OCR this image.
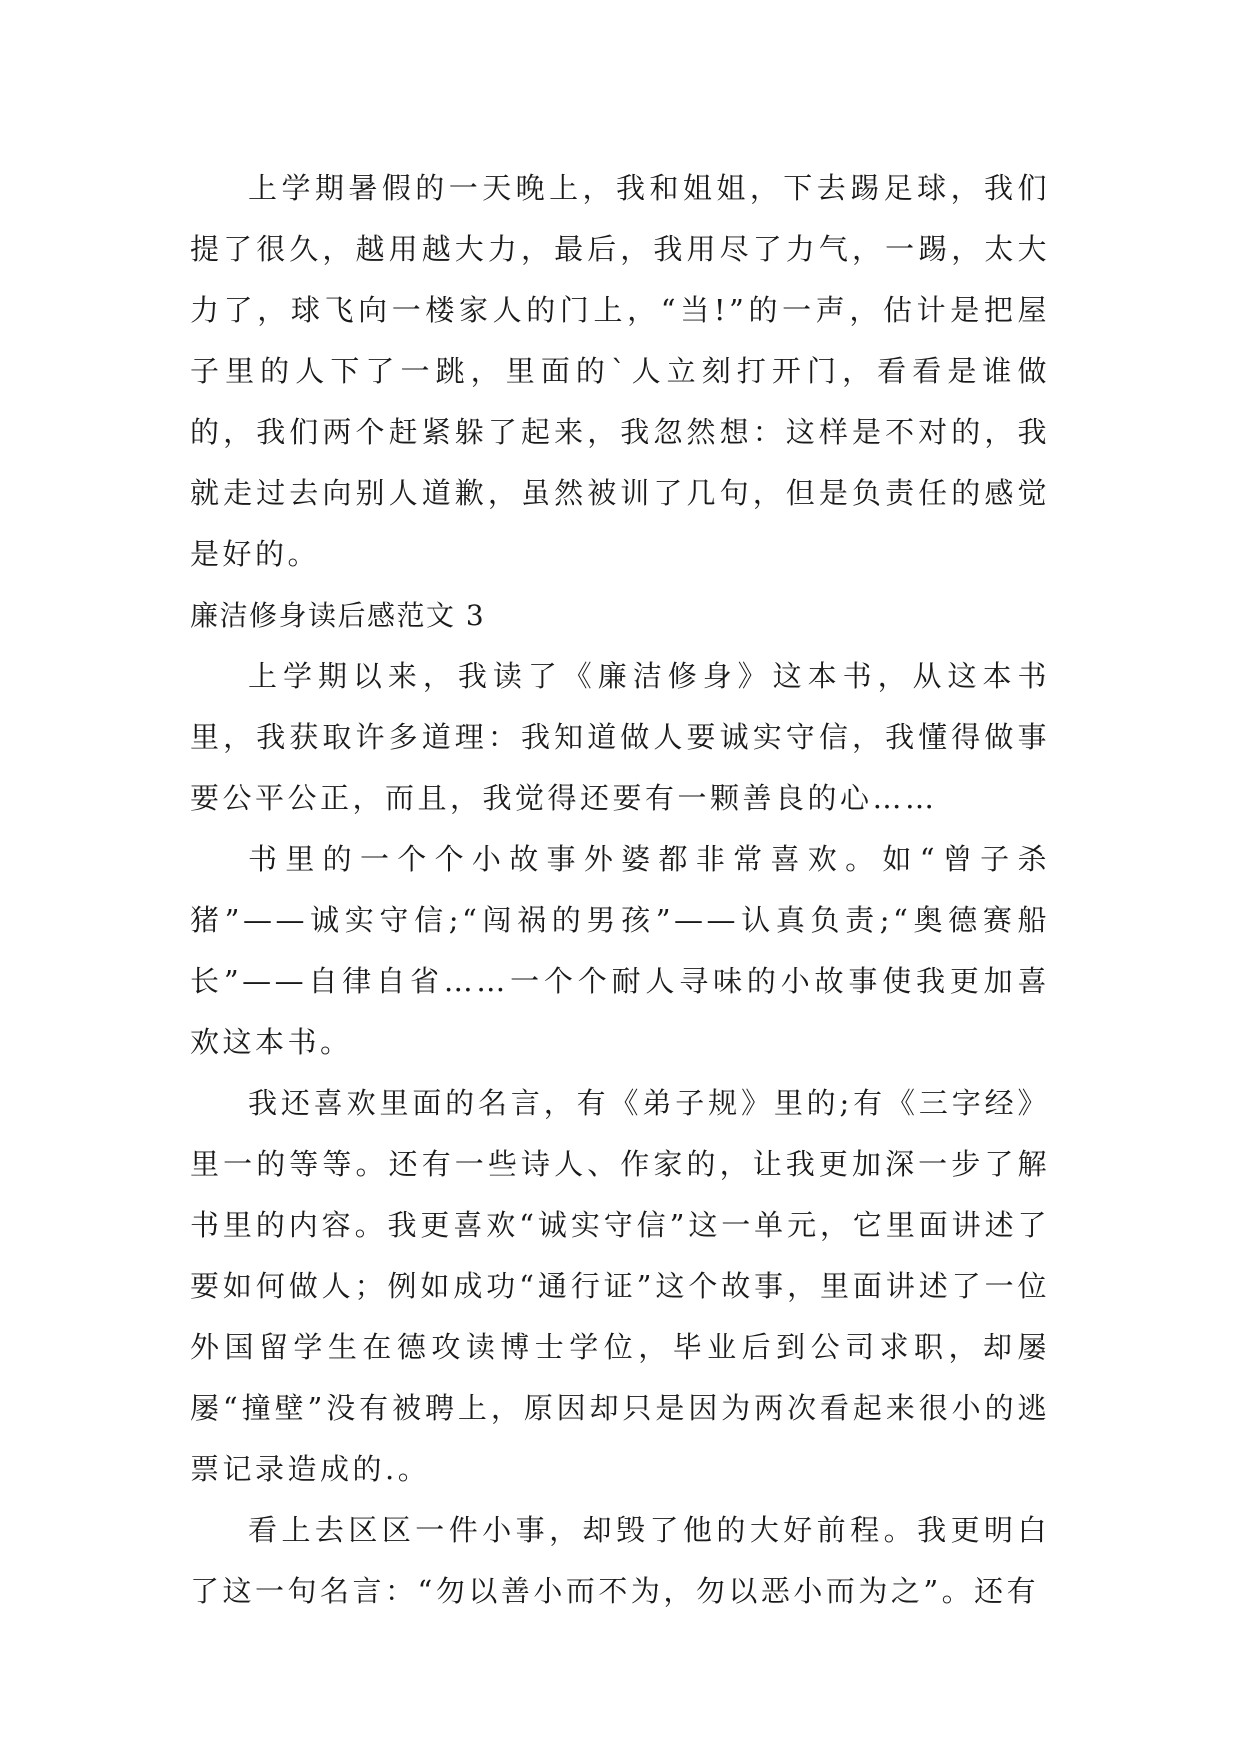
上学期暑假的一天晚上，我和姐姐，下去踢足球，我们提了很久，越用越大力，最后，我用尽了力气，一踢，太大力了，球飞向一楼家人的门上，“当!”的一声，估计是把屋子里的人下了一跳，里面的`人立刻打开门，看看是谁做的，我们两个赶紧躲了起来，我忽然想：这样是不对的，我就走过去向别人道歉，虽然被训了几句，但是负责任的感觉是好的。

廉洁修身读后感范文 3

上学期以来，我读了《廉洁修身》这本书，从这本书里，我获取许多道理：我知道做人要诚实守信，我懂得做事要公平公正，而且，我觉得还要有一颗善良的心……

书里的一个个小故事外婆都非常喜欢。如“曾子杀猪”——诚实守信;“闯祸的男孩”——认真负责;“奥德赛船长”——自律自省……一个个耐人寻味的小故事使我更加喜欢这本书。

我还喜欢里面的名言，有《弟子规》里的;有《三字经》里一的等等。还有一些诗人、作家的，让我更加深一步了解书里的内容。我更喜欢“诚实守信”这一单元，它里面讲述了要如何做人；例如成功“通行证”这个故事，里面讲述了一位外国留学生在德攻读博士学位，毕业后到公司求职，却屡屡“撞壁”没有被聘上，原因却只是因为两次看起来很小的逃票记录造成的.。

看上去区区一件小事，却毁了他的大好前程。我更明白了这一句名言：“勿以善小而不为，勿以恶小而为之”。还有
